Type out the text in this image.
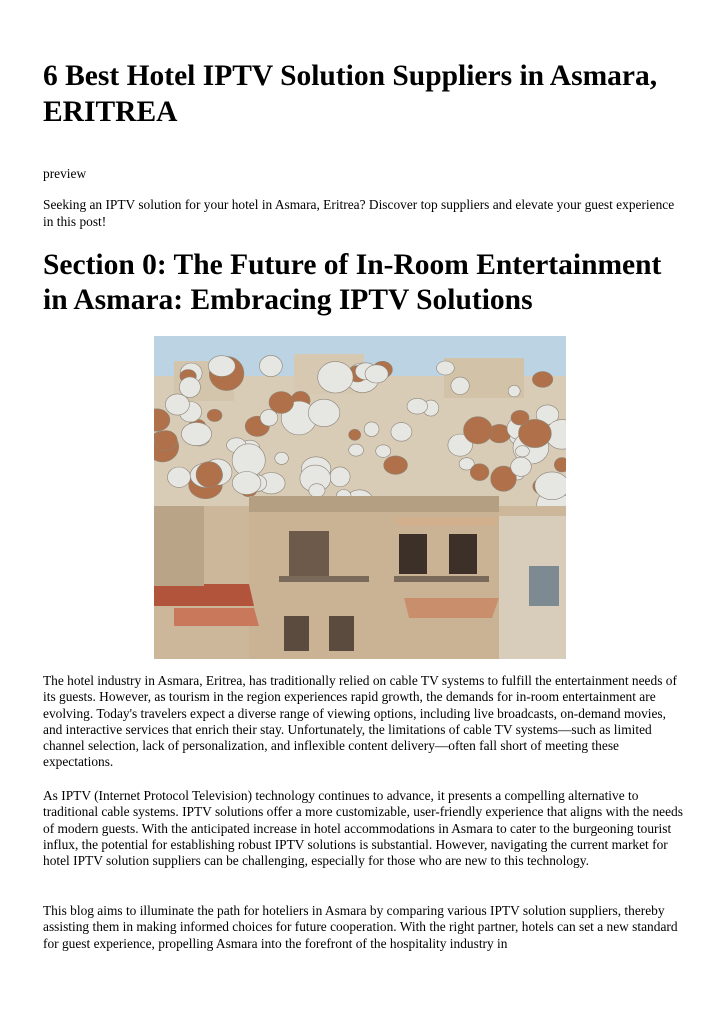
6 Best Hotel IPTV Solution Suppliers in Asmara, ERITREA

preview

Seeking an IPTV solution for your hotel in Asmara, Eritrea? Discover top suppliers and elevate your guest experience in this post!

Section 0: The Future of In-Room Entertainment in Asmara: Embracing IPTV Solutions

The hotel industry in Asmara, Eritrea, has traditionally relied on cable TV systems to fulfill the entertainment needs of its guests. However, as tourism in the region experiences rapid growth, the demands for in-room entertainment are evolving. Today's travelers expect a diverse range of viewing options, including live broadcasts, on-demand movies, and interactive services that enrich their stay. Unfortunately, the limitations of cable TV systems—such as limited channel selection, lack of personalization, and inflexible content delivery—often fall short of meeting these expectations.

As IPTV (Internet Protocol Television) technology continues to advance, it presents a compelling alternative to traditional cable systems. IPTV solutions offer a more customizable, user-friendly experience that aligns with the needs of modern guests. With the anticipated increase in hotel accommodations in Asmara to cater to the burgeoning tourist influx, the potential for establishing robust IPTV solutions is substantial. However, navigating the current market for hotel IPTV solution suppliers can be challenging, especially for those who are new to this technology.

This blog aims to illuminate the path for hoteliers in Asmara by comparing various IPTV solution suppliers, thereby assisting them in making informed choices for future cooperation. With the right partner, hotels can set a new standard for guest experience, propelling Asmara into the forefront of the hospitality industry in
